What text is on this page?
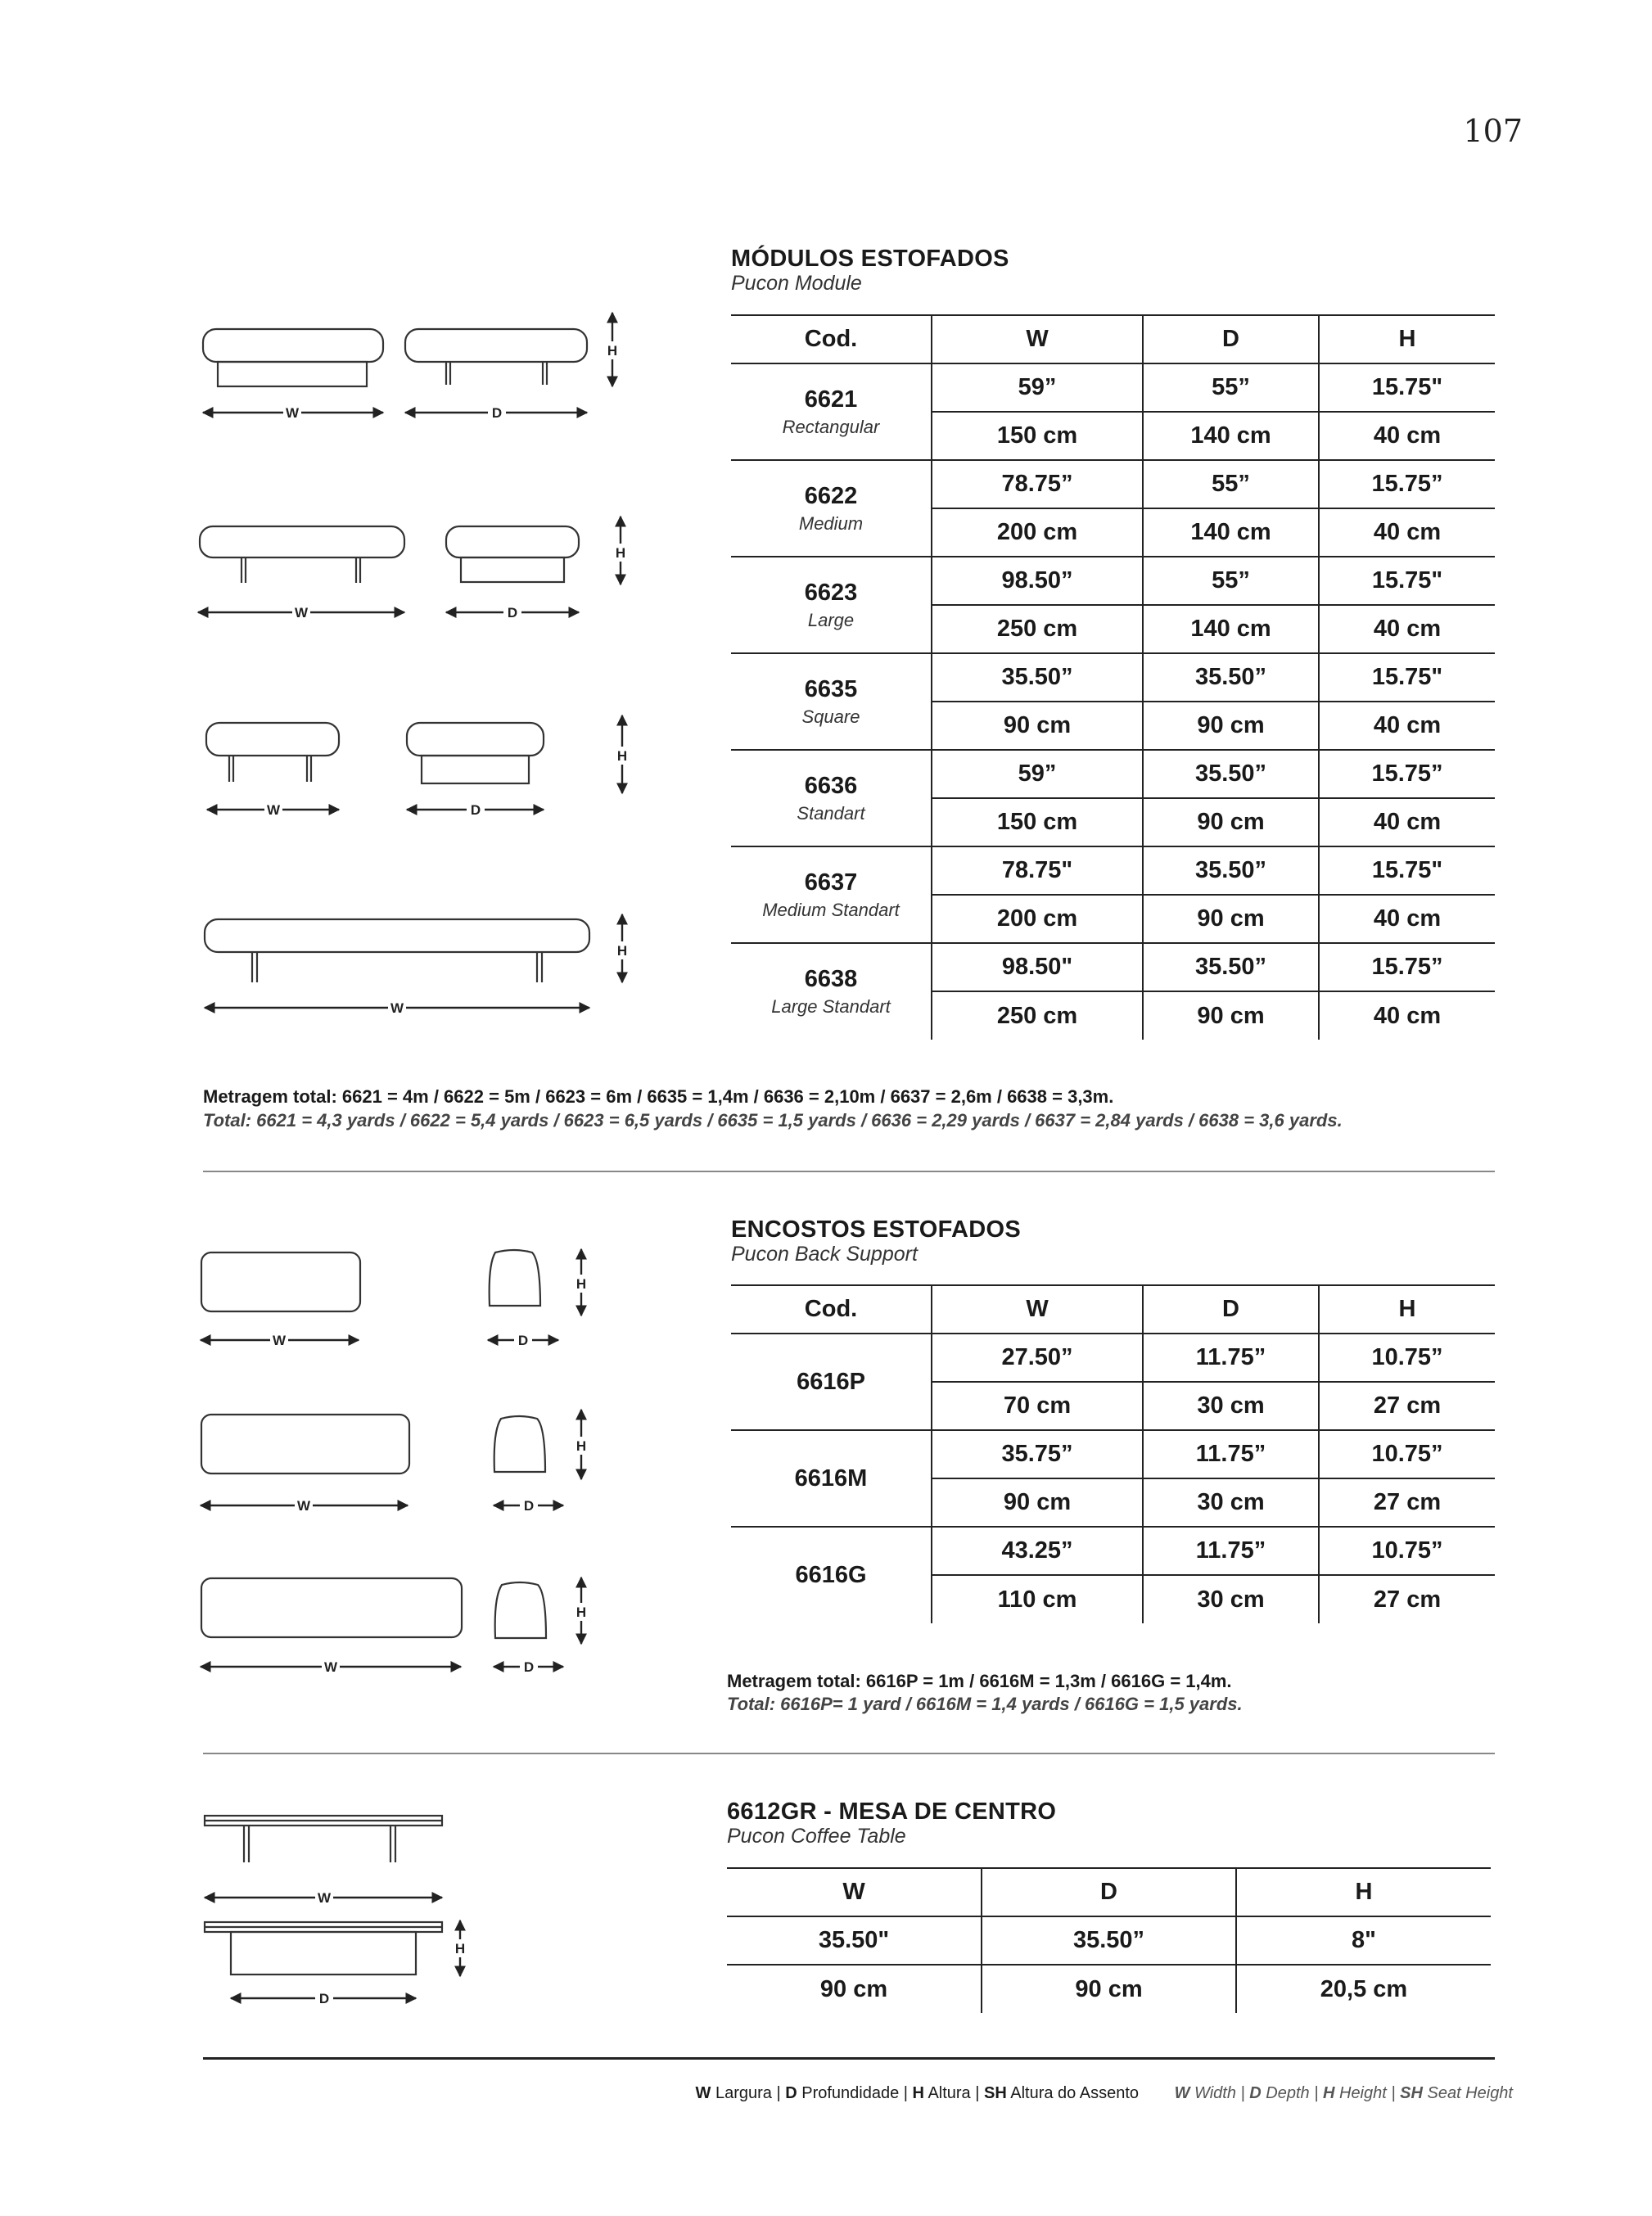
107
MÓDULOS ESTOFADOS
Pucon Module
Cod.	W	D	H

6621
Rectangular	59”	55”	15.75"
	150 cm	140 cm	40 cm

6622
Medium	78.75”	55”	15.75”
	200 cm	140 cm	40 cm

6623
Large	98.50”	55”	15.75"
	250 cm	140 cm	40 cm

6635
Square	35.50”	35.50”	15.75"
	90 cm	90 cm	40 cm

6636
Standart	59”	35.50”	15.75”
	150 cm	90 cm	40 cm

6637
Medium Standart	78.75"	35.50”	15.75"
	200 cm	90 cm	40 cm

6638
Large Standart	98.50"	35.50”	15.75”
	250 cm	90 cm	40 cm
Metragem total: 6621 = 4m / 6622 = 5m / 6623 = 6m / 6635 = 1,4m / 6636 = 2,10m / 6637 = 2,6m / 6638 = 3,3m.
Total: 6621 = 4,3 yards / 6622 = 5,4 yards / 6623 = 6,5 yards / 6635 = 1,5 yards / 6636 = 2,29 yards / 6637 = 2,84 yards / 6638 = 3,6 yards.
ENCOSTOS ESTOFADOS
Pucon Back Support
Cod.	W	D	H

6616P	27.50”	11.75”	10.75”
	70 cm	30 cm	27 cm

6616M	35.75”	11.75”	10.75”
	90 cm	30 cm	27 cm

6616G	43.25”	11.75”	10.75”
	110 cm	30 cm	27 cm
Metragem total: 6616P = 1m / 6616M = 1,3m / 6616G = 1,4m.
Total: 6616P= 1 yard / 6616M = 1,4 yards / 6616G = 1,5 yards.
6612GR - MESA DE CENTRO
Pucon Coffee Table
W	D	H
35.50"	35.50”	8"
90 cm	90 cm	20,5 cm
W Largura | D Profundidade | H Altura | SH Altura do Assento W Width | D Depth | H Height | SH Seat Height
W	D
H
W	D
H
W	D
H
W
H
W	D
H
W	D
H
W	D
H
W
D
H
